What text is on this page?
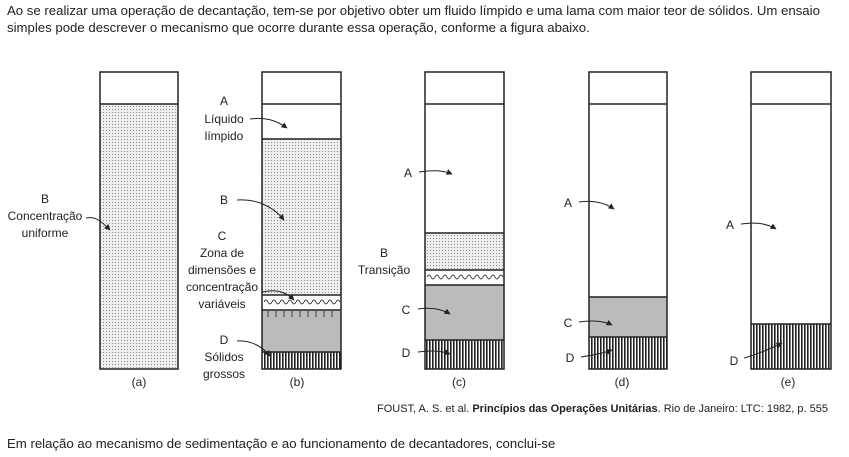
Ao se realizar uma operação de decantação, tem-se por objetivo obter um fluido límpido e uma lama com maior teor de sólidos. Um ensaio simples pode descrever o mecanismo que ocorre durante essa operação, conforme a figura abaixo.

B
Concentração
uniforme
(a)
A
Líquido
límpido
B
C
Zona de
dimensões e
concentração
variáveis
D
Sólidos
grossos
(b)
A
B
Transição
C
D
(c)
A
C
D
(d)
A
D
(e)

FOUST, A. S. et al. Princípios das Operações Unitárias. Rio de Janeiro: LTC: 1982, p. 555

Em relação ao mecanismo de sedimentação e ao funcionamento de decantadores, conclui-se
